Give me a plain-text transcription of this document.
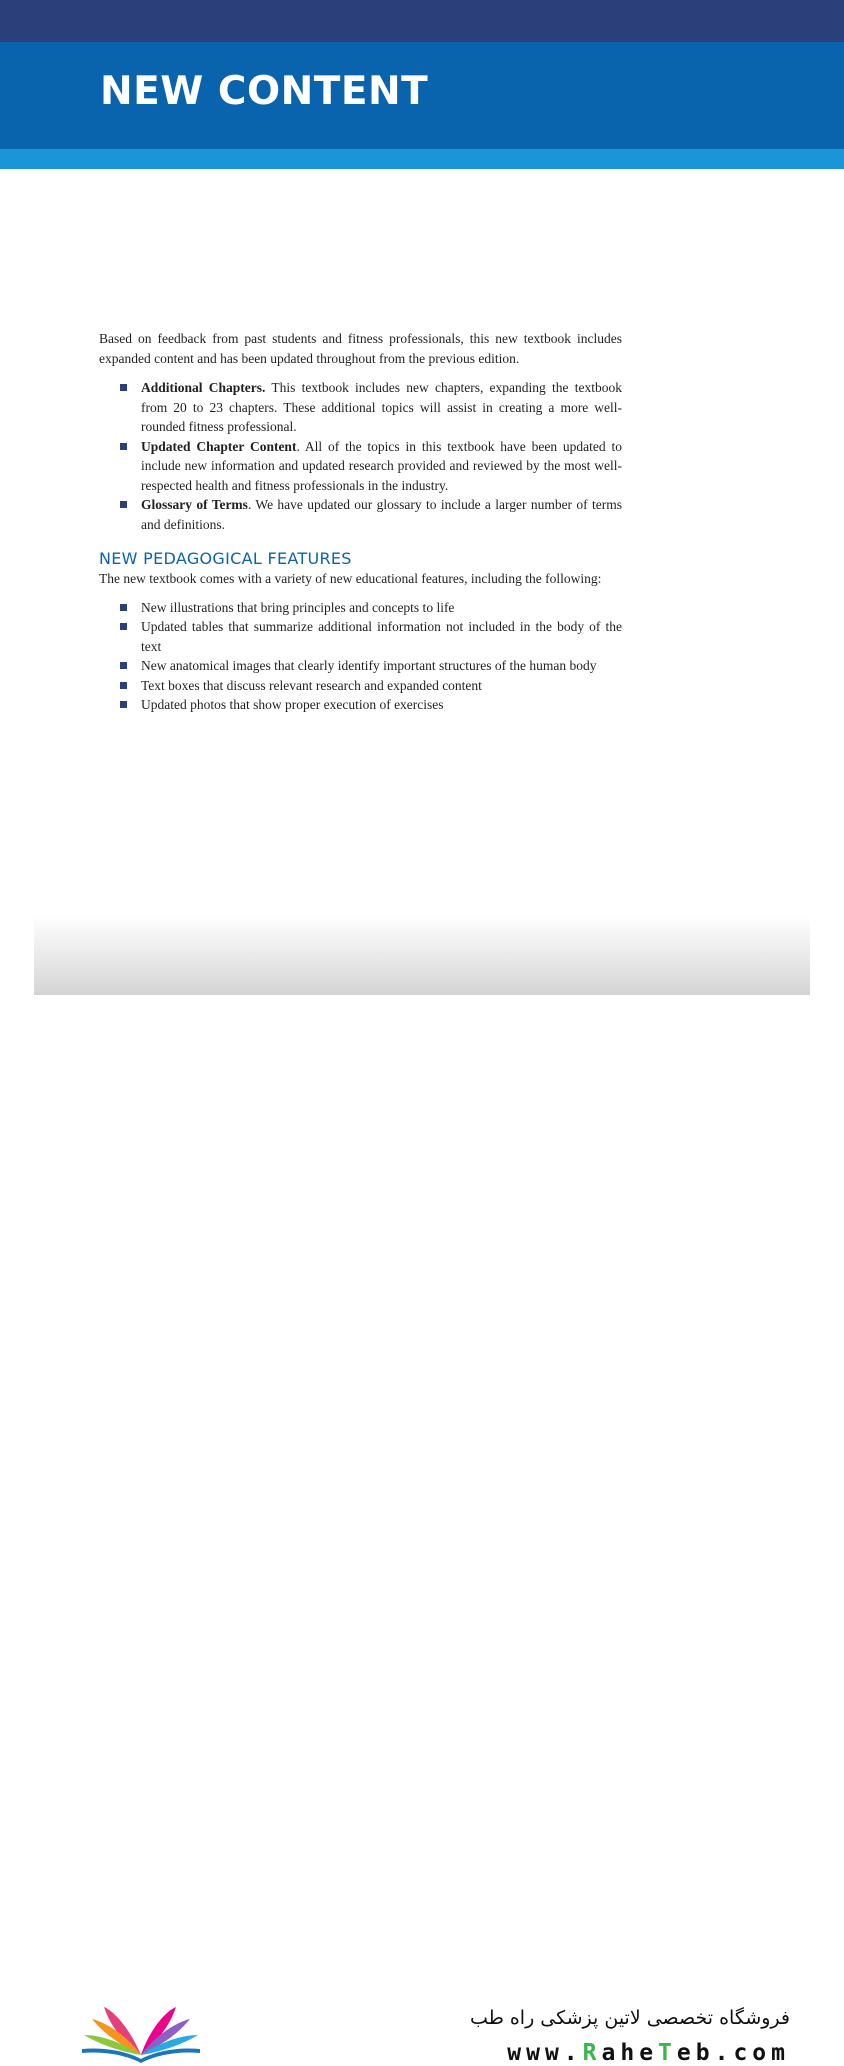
NEW CONTENT

Based on feedback from past students and fitness professionals, this new textbook includes expanded content and has been updated throughout from the previous edition.

Additional Chapters. This textbook includes new chapters, expanding the textbook from 20 to 23 chapters. These additional topics will assist in creating a more well-rounded fitness professional.
Updated Chapter Content. All of the topics in this textbook have been updated to include new information and updated research provided and reviewed by the most well-respected health and fitness professionals in the industry.
Glossary of Terms. We have updated our glossary to include a larger number of terms and definitions.
NEW PEDAGOGICAL FEATURES

The new textbook comes with a variety of new educational features, including the following:

New illustrations that bring principles and concepts to life
Updated tables that summarize additional information not included in the body of the text
New anatomical images that clearly identify important structures of the human body
Text boxes that discuss relevant research and expanded content
Updated photos that show proper execution of exercises
فروشگاه تخصصی لاتین پزشکی راه طب
www.RaheTeb.com
